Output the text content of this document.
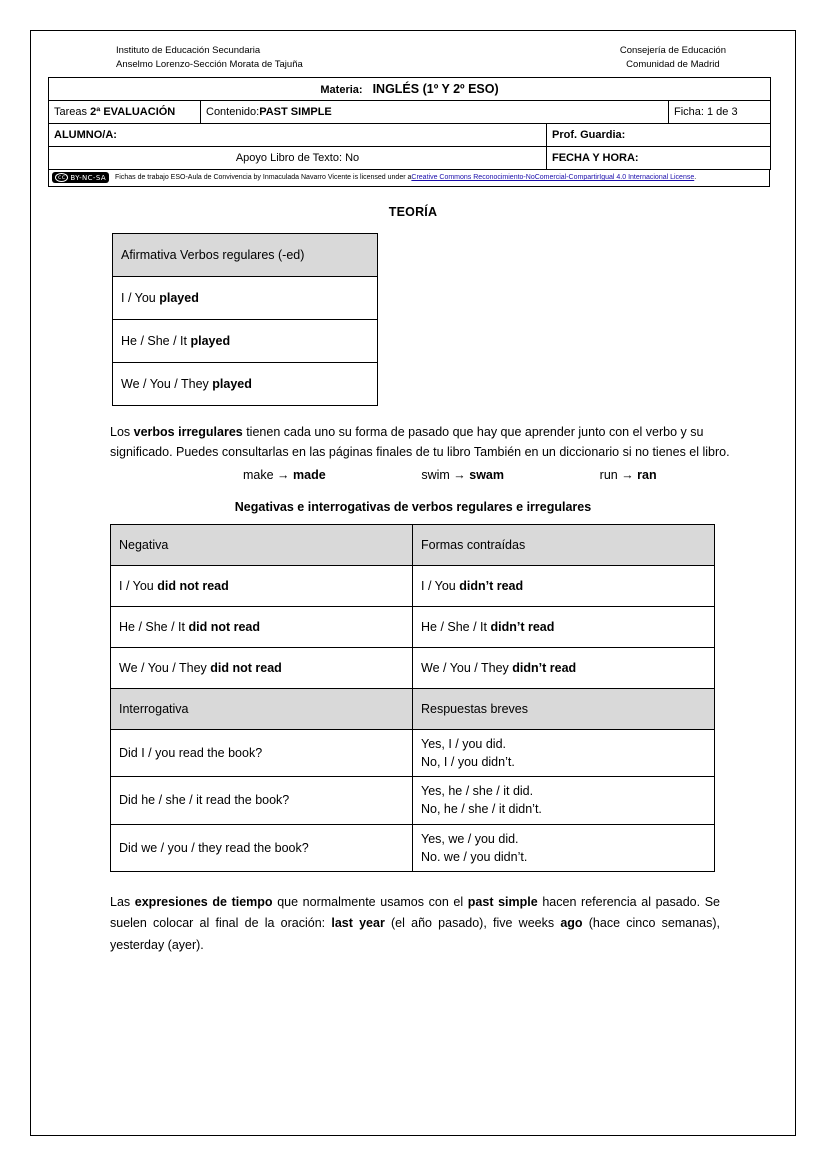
Instituto de Educación Secundaria
Anselmo Lorenzo-Sección Morata de Tajuña
Consejería de Educación
Comunidad de Madrid
Materia: INGLÉS (1º Y 2º ESO)			
Tareas 2ª EVALUACIÓN	Contenido:PAST SIMPLE		Ficha: 1 de 3
ALUMNO/A:		Prof. Guardia:	
Apoyo Libro de Texto: No		FECHA Y HORA:	
cc BY-NC-SA Fichas de trabajo ESO-Aula de Convivencia by Inmaculada Navarro Vicente is licensed under a Creative Commons Reconocimiento-NoComercial-CompartirIgual 4.0 Internacional License .
TEORÍA
Afirmativa Verbos regulares (-ed)
I / You played
He / She / It played
We / You / They played
Los verbos irregulares tienen cada uno su forma de pasado que hay que aprender junto con el verbo y su significado. Puedes consultarlas en las páginas finales de tu libro También en un diccionario si no tienes el libro.
make → made	swim → swam	run → ran
Negativas e interrogativas de verbos regulares e irregulares
Negativa	Formas contraídas
I / You did not read	I / You didn’t read
He / She / It did not read	He / She / It didn’t read
We / You / They did not read	We / You / They didn’t read
Interrogativa	Respuestas breves
Did I / you read the book?	Yes, I / you did.
No, I / you didn’t.

Did he / she / it read the book?	Yes, he / she / it did.
No, he / she / it didn’t.

Did we / you / they read the book?	Yes, we / you did.
No. we / you didn’t.
Las expresiones de tiempo que normalmente usamos con el past simple hacen referencia al pasado. Se suelen colocar al final de la oración: last year (el año pasado), five weeks ago (hace cinco semanas), yesterday (ayer).
